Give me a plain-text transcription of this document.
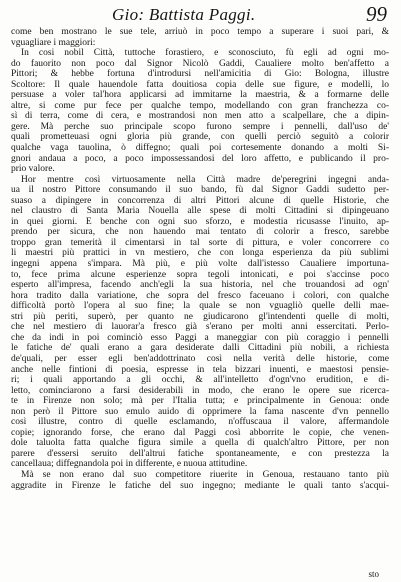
Gio: Battista Paggi.	99
come ben mostrano le sue tele, arriuò in poco tempo a superare i suoi pari, &
vguagliare i maggiori:
In cosi nobil Città, tuttoche forastiero, e sconosciuto, fù egli ad ogni mo-
do fauorito non poco dal Signor Nicolò Gaddi, Caualiere molto ben'affetto a
Pittori; & hebbe fortuna d'introdursi nell'amicitia di Gio: Bologna, illustre
Scoltore: Il quale hauendole fatta douitiosa copia delle sue figure, e modelli, lo
persuase a voler tal'hora applicarsi ad immitarne la maestria, & a formarne delle
altre, si come pur fece per qualche tempo, modellando con gran franchezza co-
sì di terra, come di cera, e mostrandosi non men atto a scalpellare, che a dipin-
gere. Mà perche suo principale scopo furono sempre i pennelli, dall'uso de'
quali prometteuasi ogni gloria più grande, con quelli perciò seguitò a colorir
qualche vaga tauolina, ò diffegno; quali poi cortesemente donando a molti Si-
gnori andaua a poco, a poco impossessandosi del loro affetto, e publicando il pro-
prio valore.
Hor mentre così virtuosamente nella Città madre de'peregrini ingegni anda-
ua il nostro Pittore consumando il suo bando, fù dal Signor Gaddi sudetto per-
suaso a dipingere in concorrenza di altri Pittori alcune di quelle Historie, che
nel claustro di Santa Maria Nouella alle spese di molti Cittadini si dipingeuano
in quei giorni. E benche con ogni suo sforzo, e modestia ricusasse l'inuito, ap-
prendo per sicura, che non hauendo mai tentato di colorir a fresco, sarebbe
troppo gran temerità il cimentarsi in tal sorte di pittura, e voler concorrere co
li maestri più prattici in vn mestiero, che con longa esperienza da più sublimi
ingegni appena s'impara. Mà più, e più volte dall'istesso Caualiere importuna-
to, fece prima alcune esperienze sopra tegoli intonicati, e poi s'accinse poco
esperto all'impresa, facendo anch'egli la sua historia, nel che trouandosi ad ogn'
hora tradito dalla variatione, che sopra del fresco faceuano i colori, con qualche
difficoltà portò l'opera al suo fine; la quale se non vguagliò quelle delli mae-
stri più periti, superò, per quanto ne giudicarono gl'intendenti quelle di molti,
che nel mestiero di lauorar'a fresco già s'erano per molti anni essercitati. Perlo-
che da indi in poi cominciò esso Paggi a maneggiar con più coraggio i pennelli
le fatiche de' quali erano a gara desiderate dalli Cittadini più nobili, a richiesta
de'quali, per esser egli ben'addottrinato così nella verità delle historie, come
anche nelle fintioni di poesia, espresse in tela bizzari inuenti, e maestosi pensie-
ri; i quali apportando a gli occhi, & all'intelletto d'ogn'vno erudition, e di-
letto, cominciarono a farsi desiderabili in modo, che erano le opere sue ricerca-
te in Firenze non solo; mà per l'Italia tutta; e principalmente in Genoua: onde
non però il Pittore suo emulo auido di opprimere la fama nascente d'vn pennello
così illustre, contro di quelle esclamando, n'offuscaua il valore, affermandole
copie; ignorando forse, che erano dal Paggi così abborrite le copie, che venen-
dole taluolta fatta qualche figura simile a quella di qualch'altro Pittore, per non
parere d'essersi seruito dell'altrui fatiche spontaneamente, e con prestezza la
cancellaua; diffegnandola poi in differente, e nuoua attitudine.
Mà se non erano dal suo competitore riuerite in Genoua, restauano tanto più
aggradite in Firenze le fatiche del suo ingegno; mediante le quali tanto s'acqui-
sto
